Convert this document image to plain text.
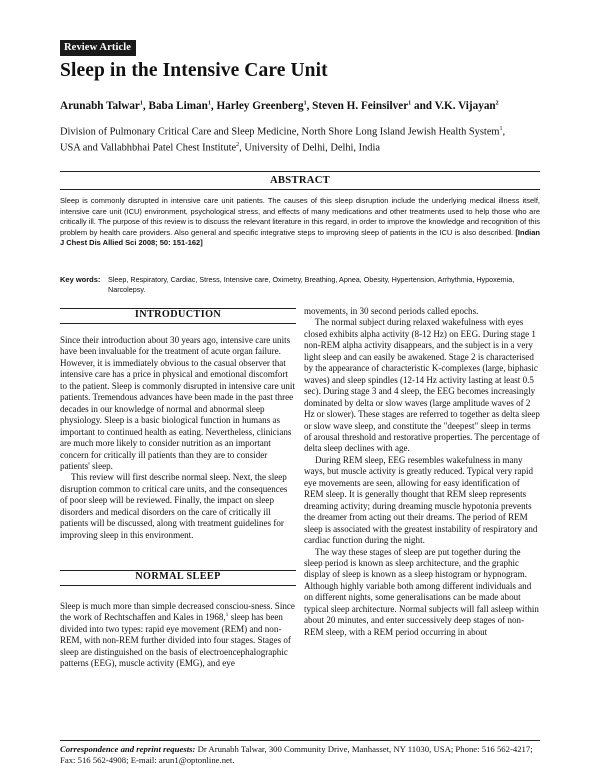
Review Article
Sleep in the Intensive Care Unit
Arunabh Talwar$^1$, Baba Liman$^1$, Harley Greenberg$^1$, Steven H. Feinsilver$^1$ and V.K. Vijayan$^2$
Division of Pulmonary Critical Care and Sleep Medicine, North Shore Long Island Jewish Health System$^1$,
USA and Vallabhbhai Patel Chest Institute$^2$, University of Delhi, Delhi, India
ABSTRACT
Sleep is commonly disrupted in intensive care unit patients. The causes of this sleep disruption include the underlying medical illness itself, intensive care unit (ICU) environment, psychological stress, and effects of many medications and other treatments used to help those who are critically ill. The purpose of this review is to discuss the relevant literature in this regard, in order to improve the knowledge and recognition of this problem by health care providers. Also general and specific integrative steps to improving sleep of patients in the ICU is also described. [Indian J Chest Dis Allied Sci 2008; 50: 151-162]
Key words: Sleep, Respiratory, Cardiac, Stress, Intensive care, Oximetry, Breathing, Apnea, Obesity, Hypertension, Arrhythmia, Hypoxemia, Narcolepsy.
INTRODUCTION

Since their introduction about 30 years ago, intensive care units have been invaluable for the treatment of acute organ failure. However, it is immediately obvious to the casual observer that intensive care has a price in physical and emotional discomfort to the patient. Sleep is commonly disrupted in intensive care unit patients. Tremendous advances have been made in the past three decades in our knowledge of normal and abnormal sleep physiology. Sleep is a basic biological function in humans as important to continued health as eating. Nevertheless, clinicians are much more likely to consider nutrition as an important concern for critically ill patients than they are to consider patients' sleep.

This review will first describe normal sleep. Next, the sleep disruption common to critical care units, and the consequences of poor sleep will be reviewed. Finally, the impact on sleep disorders and medical disorders on the care of critically ill patients will be discussed, along with treatment guidelines for improving sleep in this environment.

NORMAL SLEEP

Sleep is much more than simple decreased consciou-sness. Since the work of Rechtschaffen and Kales in 1968,$^1$ sleep has been divided into two types: rapid eye movement (REM) and non-REM, with non-REM further divided into four stages. Stages of sleep are distinguished on the basis of electroencephalographic patterns (EEG), muscle activity (EMG), and eye

movements, in 30 second periods called epochs.

The normal subject during relaxed wakefulness with eyes closed exhibits alpha activity (8-12 Hz) on EEG. During stage 1 non-REM alpha activity disappears, and the subject is in a very light sleep and can easily be awakened. Stage 2 is characterised by the appearance of characteristic K-complexes (large, biphasic waves) and sleep spindles (12-14 Hz activity lasting at least 0.5 sec). During stage 3 and 4 sleep, the EEG becomes increasingly dominated by delta or slow waves (large amplitude waves of 2 Hz or slower). These stages are referred to together as delta sleep or slow wave sleep, and constitute the "deepest" sleep in terms of arousal threshold and restorative properties. The percentage of delta sleep declines with age.

During REM sleep, EEG resembles wakefulness in many ways, but muscle activity is greatly reduced. Typical very rapid eye movements are seen, allowing for easy identification of REM sleep. It is generally thought that REM sleep represents dreaming activity; during dreaming muscle hypotonia prevents the dreamer from acting out their dreams. The period of REM sleep is associated with the greatest instability of respiratory and cardiac function during the night.

The way these stages of sleep are put together during the sleep period is known as sleep architecture, and the graphic display of sleep is known as a sleep histogram or hypnogram. Although highly variable both among different individuals and on different nights, some generalisations can be made about typical sleep architecture. Normal subjects will fall asleep within about 20 minutes, and enter successively deep stages of non-REM sleep, with a REM period occurring in about

Correspondence and reprint requests: Dr Arunabh Talwar, 300 Community Drive, Manhasset, NY 11030, USA; Phone: 516 562-4217; Fax: 516 562-4908; E-mail: arun1@optonline.net.
